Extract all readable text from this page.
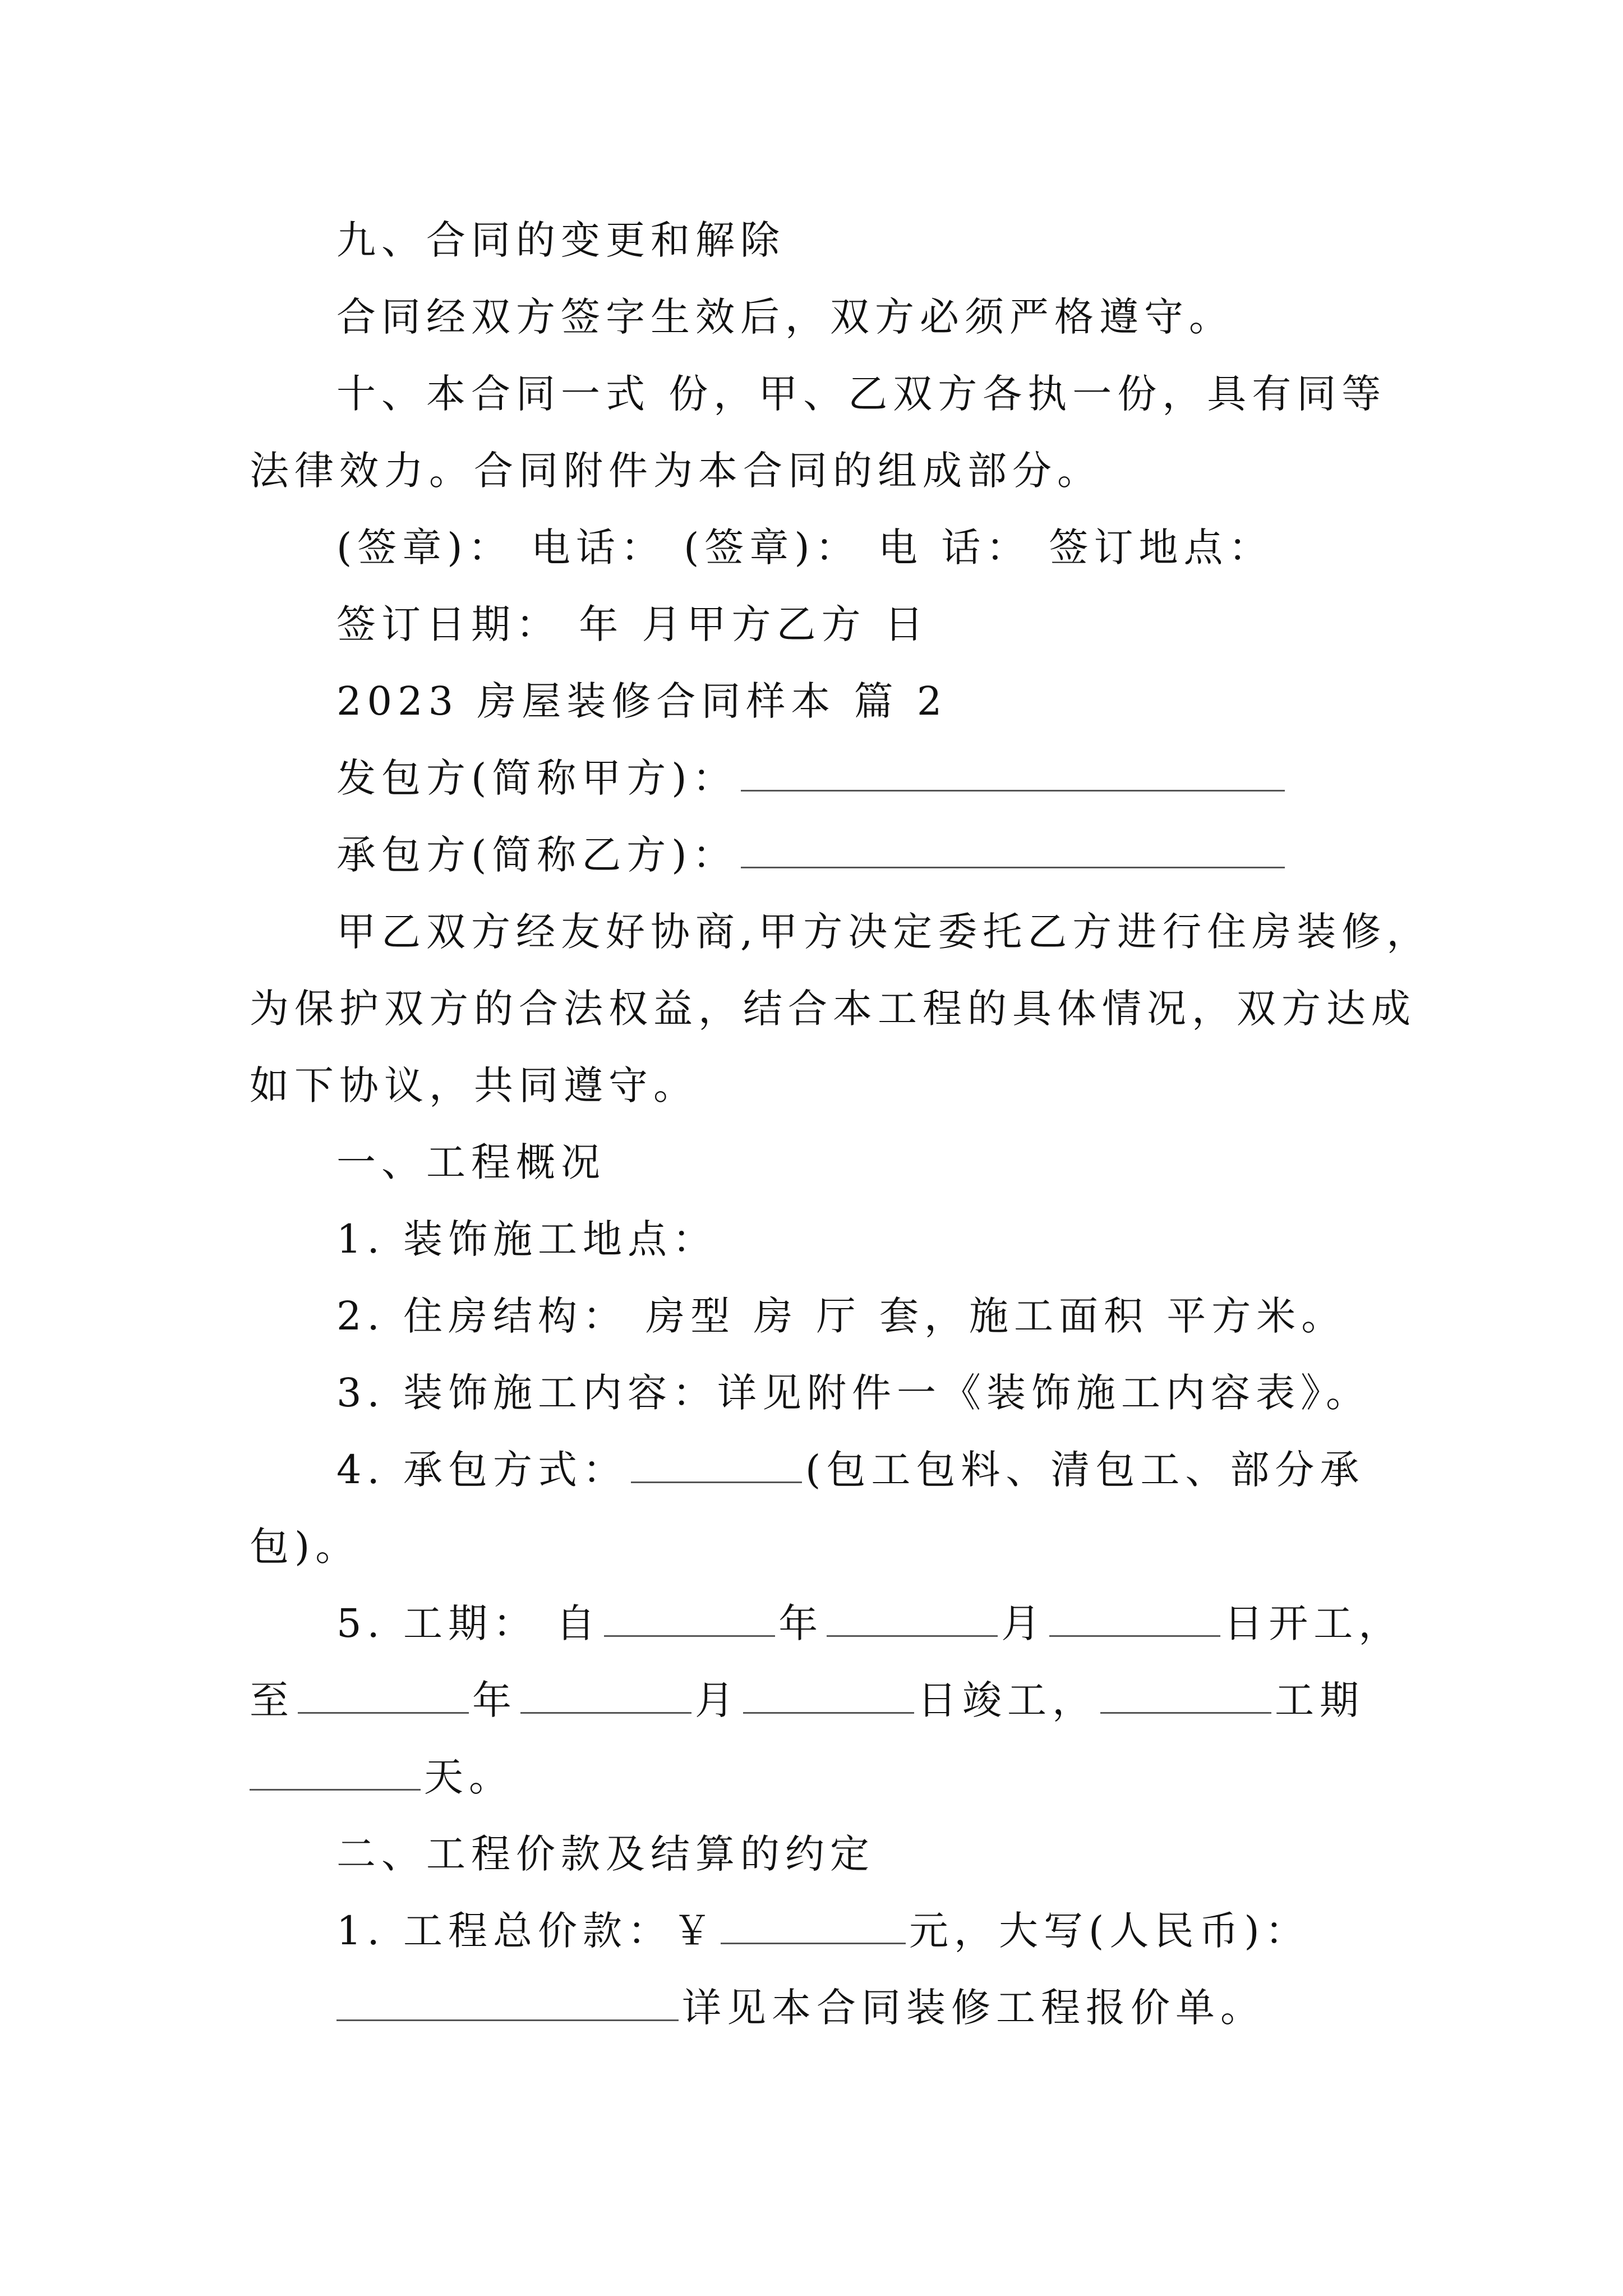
九、合同的变更和解除
合同经双方签字生效后，双方必须严格遵守。
十、本合同一式 份，甲、乙双方各执一份，具有同等
法律效力。合同附件为本合同的组成部分。
(签章)： 电话： (签章)： 电 话： 签订地点：
签订日期： 年 月甲方乙方 日
2023 房屋装修合同样本 篇 2
发包方(简称甲方)：
承包方(简称乙方)：
甲乙双方经友好协商,甲方决定委托乙方进行住房装修，
为保护双方的合法权益，结合本工程的具体情况，双方达成
如下协议，共同遵守。
一、工程概况
1. 装饰施工地点：
2. 住房结构： 房型 房 厅 套，施工面积 平方米。
3. 装饰施工内容：详见附件一《装饰施工内容表》。
4. 承包方式：	(包工包料、清包工、部分承
包)。
5. 工期： 自	年	月	日开工，
至	年	月	日竣工，	工期
天。
二、工程价款及结算的约定
1. 工程总价款：￥	元，大写(人民币)：
详见本合同装修工程报价单。
